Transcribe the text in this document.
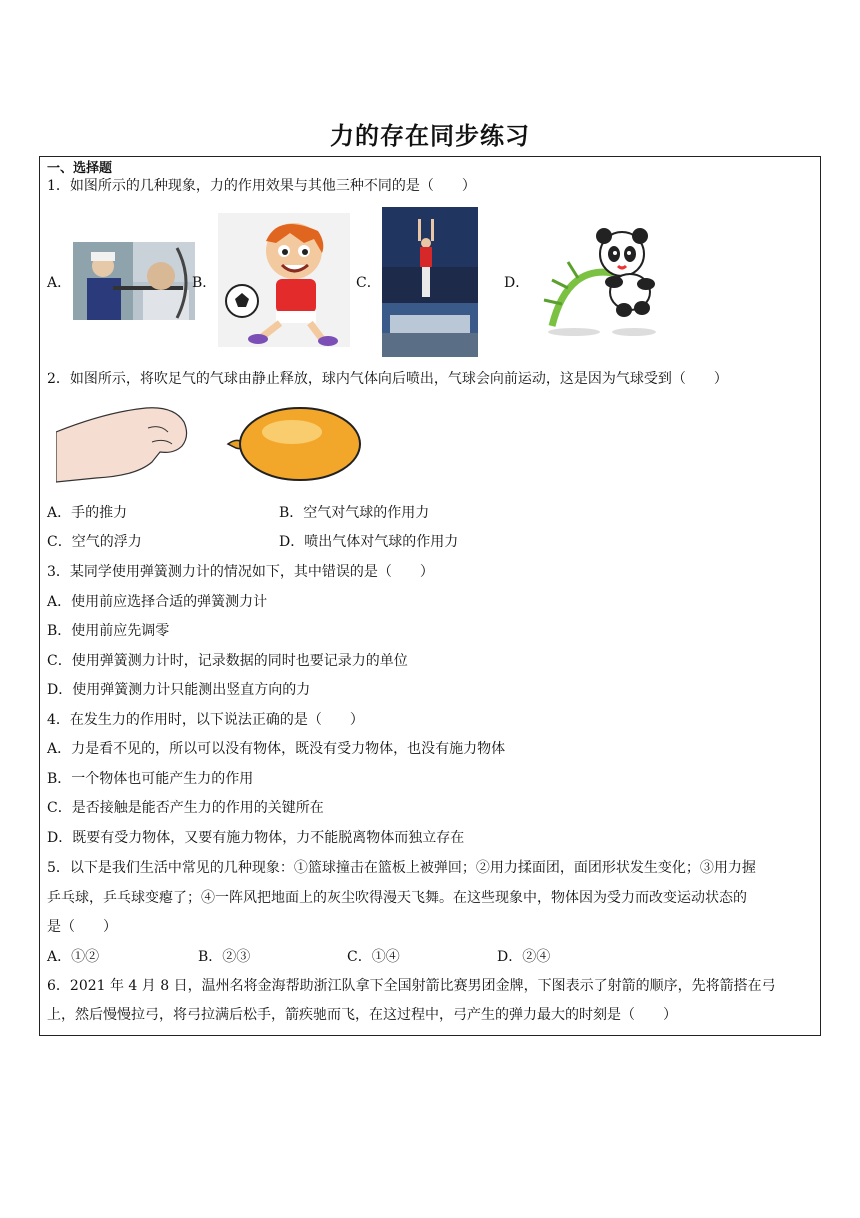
力的存在同步练习
一、选择题
1．如图所示的几种现象，力的作用效果与其他三种不同的是（　　）
A．	B．	C．	D．
2．如图所示，将吹足气的气球由静止释放，球内气体向后喷出，气球会向前运动，这是因为气球受到（　　）
A．手的推力	B．空气对气球的作用力
C．空气的浮力	D．喷出气体对气球的作用力
3．某同学使用弹簧测力计的情况如下，其中错误的是（　　）
A．使用前应选择合适的弹簧测力计
B．使用前应先调零
C．使用弹簧测力计时，记录数据的同时也要记录力的单位
D．使用弹簧测力计只能测出竖直方向的力
4．在发生力的作用时，以下说法正确的是（　　）
A．力是看不见的，所以可以没有物体，既没有受力物体，也没有施力物体
B．一个物体也可能产生力的作用
C．是否接触是能否产生力的作用的关键所在
D．既要有受力物体，又要有施力物体，力不能脱离物体而独立存在
5．以下是我们生活中常见的几种现象：①篮球撞击在篮板上被弹回；②用力揉面团，面团形状发生变化；③用力握
乒乓球，乒乓球变瘪了；④一阵风把地面上的灰尘吹得漫天飞舞。在这些现象中，物体因为受力而改变运动状态的
是（　　）
A．①②	B．②③	C．①④	D．②④
6．2021 年 4 月 8 日，温州名将金海帮助浙江队拿下全国射箭比赛男团金牌，下图表示了射箭的顺序，先将箭搭在弓
上，然后慢慢拉弓，将弓拉满后松手，箭疾驰而飞，在这过程中，弓产生的弹力最大的时刻是（　　）
